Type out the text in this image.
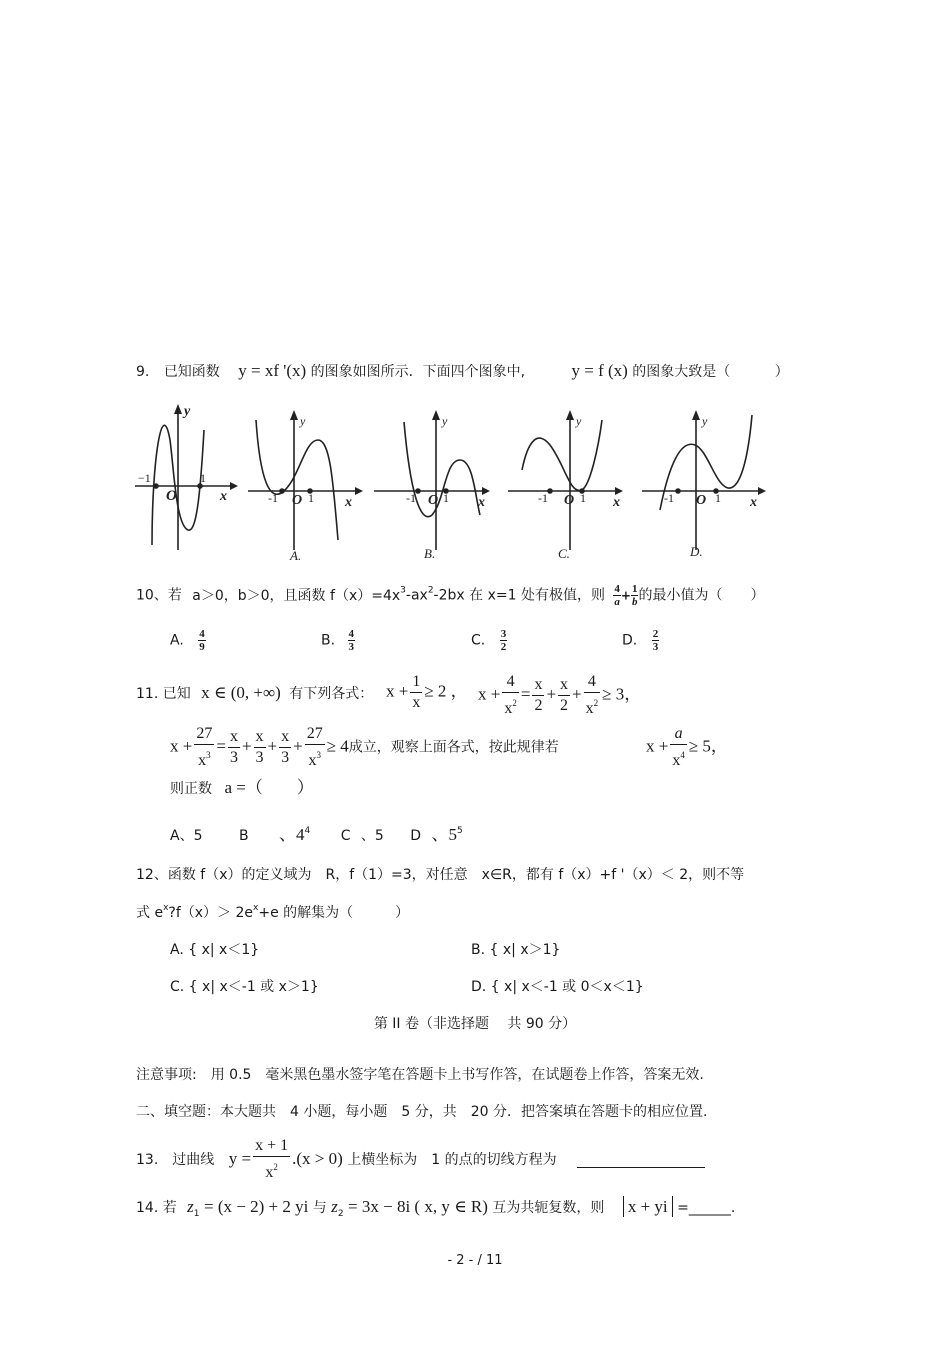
9. 已知函数 y = xf '(x) 的图象如图所示．下面四个图象中,	y = f (x) 的图象大致是（	）
y
x
O
−1	1
y
x
O
-1	1
A.
y
x
O
-1 1
B.
y
x
O
-1	1
C.
y
x
O
-1	1
D.
10、若 a＞0，b＞0，且函数 $f(x)=4x^3-ax^2-2bx$ 在 x=1 处有极值，则 $\frac{4}{a} + \frac{1}{b}$ 的最小值为（　　）
A. $\frac{4}{9}$	B. $\frac{4}{3}$	C. $\frac{3}{2}$	D. $\frac{2}{3}$
11. 已知 x ∈ (0, +∞) 有下列各式： $x + \frac{1}{x} \ge 2$ ， $x + \frac{4}{x^2} = \frac{x}{2} + \frac{x}{2} + \frac{4}{x^2} \ge 3$，
$x + \frac{27}{x^3} = \frac{x}{3} + \frac{x}{3} + \frac{x}{3} + \frac{27}{x^3} \ge 4$成立，观察上面各式，按此规律若	$x + \frac{a}{x^4} \ge 5$，
则正数 a =（　　）
A、5	B 、$4^4$ C 、5 D 、$5^5$
12、函数 f（x）的定义域为　R，f（1）=3，对任意　x∈R，都有 f（x）+f '（x）＜ 2，则不等
式 $e^x?f(x)> 2e^x+e$ 的解集为（　　　）
A. { x| x＜1}	B. { x| x＞1}
C. { x| x＜-1 或 x＞1}	D. { x| x＜-1 或 0＜x＜1}
第 II 卷（非选择题　 共 90 分）
注意事项:　用 0.5　毫米黑色墨水签字笔在答题卡上书写作答，在试题卷上作答，答案无效.
二、填空题：本大题共　4 小题，每小题　5 分，共　20 分．把答案填在答题卡的相应位置.
13.　过曲线 $y = \frac{x + 1}{x^2} .(x > 0)$ 上横坐标为　1 的点的切线方程为
14. 若 $z_1 = (x - 2) + 2$ yi 与 $z_2 = 3x - 8i$ ( x, y ∈ R) 互为共轭复数，则 x + yi =______.
- 2 - / 11
